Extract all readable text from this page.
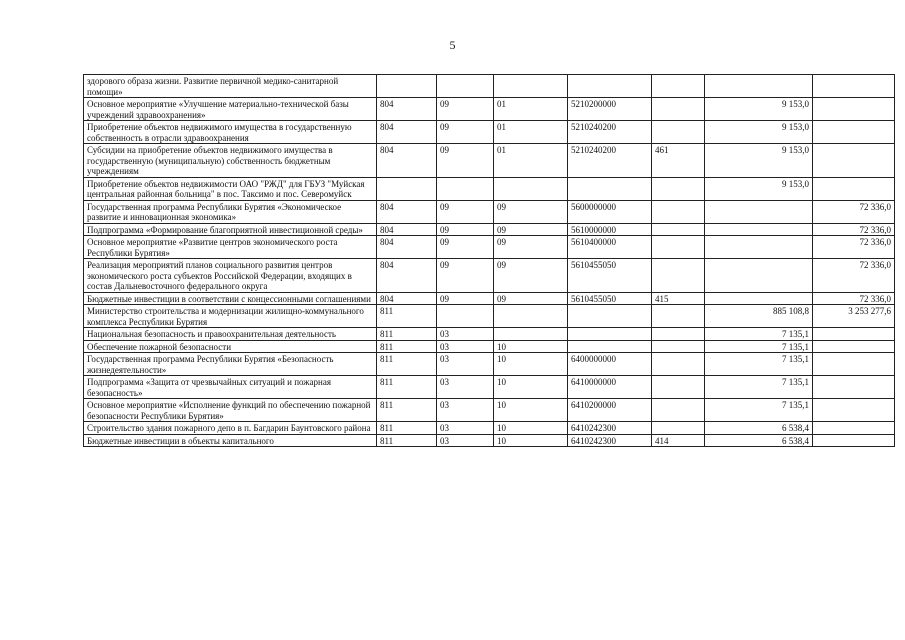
5
здорового образа жизни. Развитие первичной медико-санитарной помощи»							
Основное мероприятие «Улучшение материально-технической базы учреждений здравоохранения»	804	09	01	5210200000		9 153,0	
Приобретение объектов недвижимого имущества в государственную собственность в отрасли здравоохранения	804	09	01	5210240200		9 153,0	
Субсидии на приобретение объектов недвижимого имущества в государственную (муниципальную) собственность бюджетным учреждениям	804	09	01	5210240200	461	9 153,0	
Приобретение объектов недвижимости ОАО "РЖД" для ГБУЗ "Муйская центральная районная больница" в пос. Таксимо и пос. Северомуйск						9 153,0	
Государственная программа Республики Бурятия «Экономическое развитие и инновационная экономика»	804	09	09	5600000000			72 336,0
Подпрограмма «Формирование благоприятной инвестиционной среды»	804	09	09	5610000000			72 336,0
Основное мероприятие «Развитие центров экономического роста Республики Бурятия»	804	09	09	5610400000			72 336,0
Реализация мероприятий планов социального развития центров экономического роста субъектов Российской Федерации, входящих в состав Дальневосточного федерального округа	804	09	09	5610455050			72 336,0
Бюджетные инвестиции в соответствии с концессионными соглашениями	804	09	09	5610455050	415		72 336,0
Министерство строительства и модернизации жилищно-коммунального комплекса Республики Бурятия	811					885 108,8	3 253 277,6
Национальная безопасность и правоохранительная деятельность	811	03				7 135,1	
Обеспечение пожарной безопасности	811	03	10			7 135,1	
Государственная программа Республики Бурятия «Безопасность жизнедеятельности»	811	03	10	6400000000		7 135,1	
Подпрограмма «Защита от чрезвычайных ситуаций и пожарная безопасность»	811	03	10	6410000000		7 135,1	
Основное мероприятие «Исполнение функций по обеспечению пожарной безопасности Республики Бурятия»	811	03	10	6410200000		7 135,1	
Строительство здания пожарного депо в п. Багдарин Баунтовского района	811	03	10	6410242300		6 538,4	
Бюджетные инвестиции в объекты капитального	811	03	10	6410242300	414	6 538,4	
